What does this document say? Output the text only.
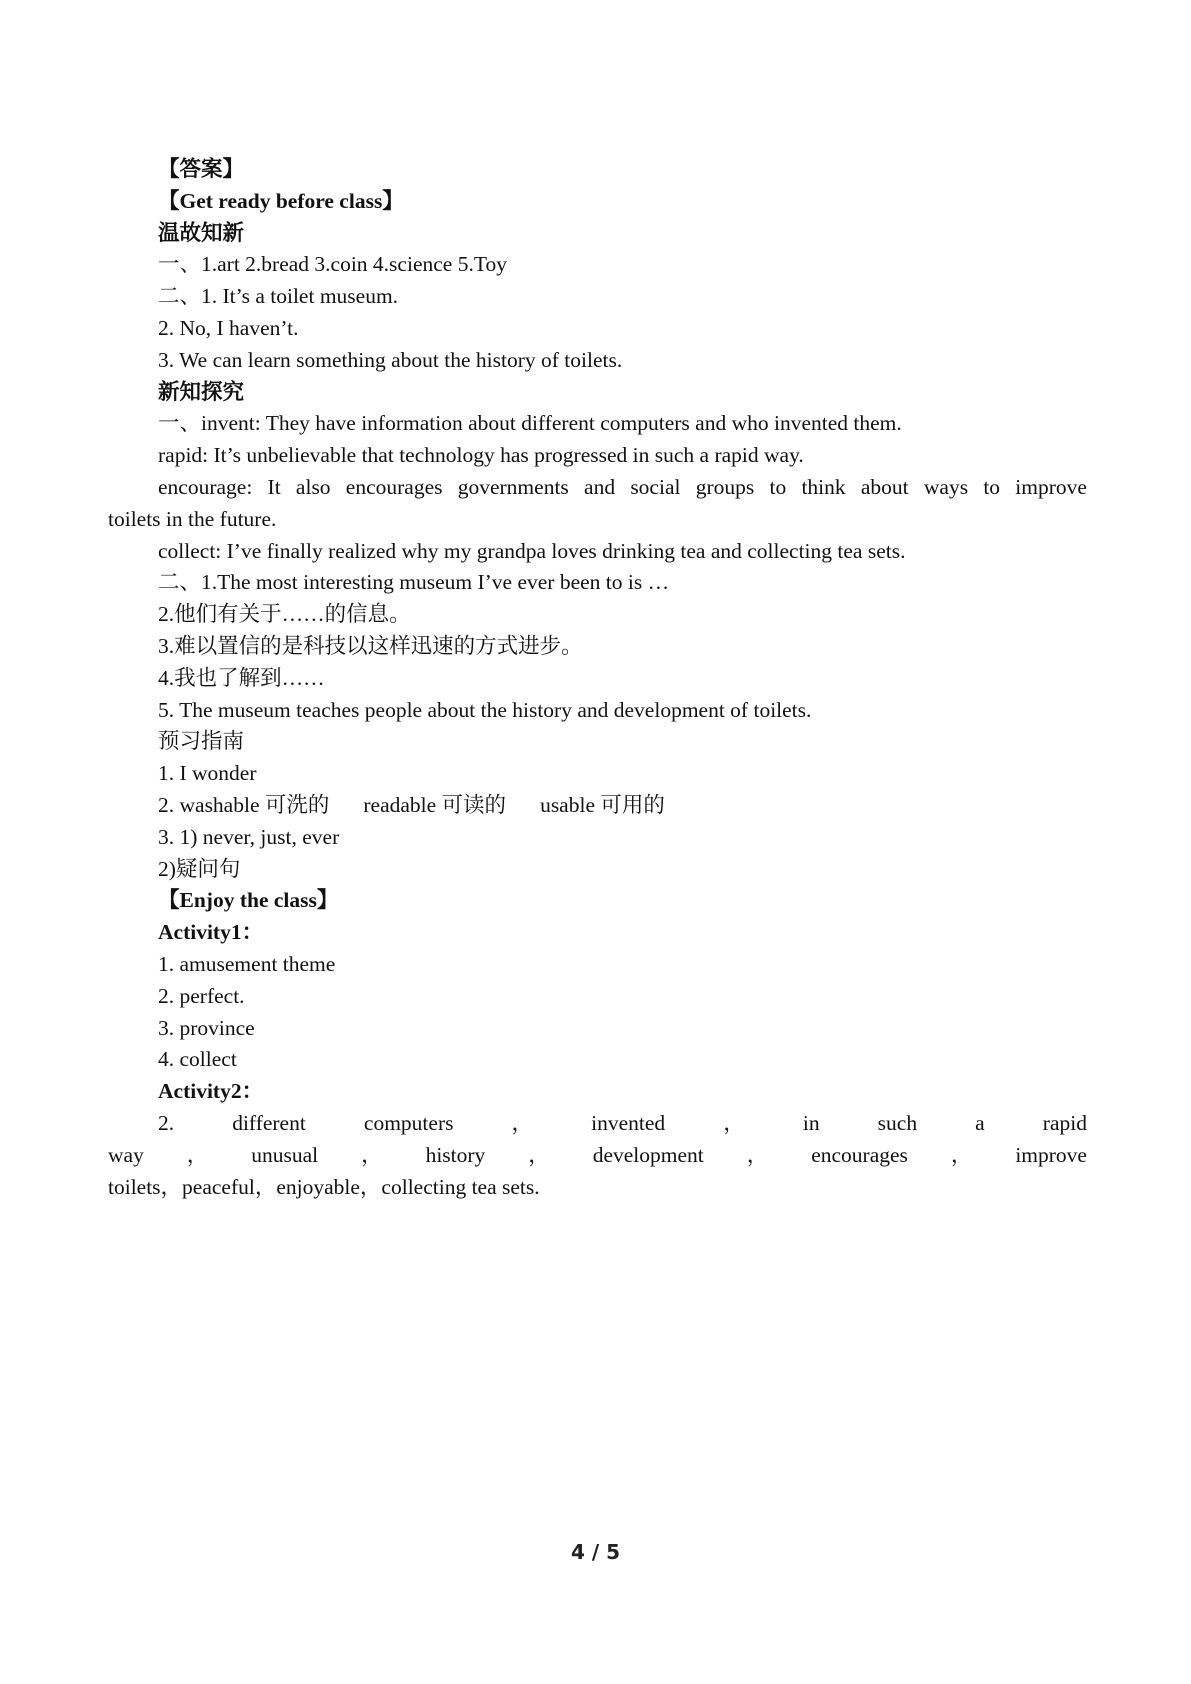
【答案】
【Get ready before class】
温故知新
一、1.art 2.bread 3.coin 4.science 5.Toy
二、1. It’s a toilet museum.
2. No, I haven’t.
3. We can learn something about the history of toilets.
新知探究
一、invent: They have information about different computers and who invented them.
rapid: It’s unbelievable that technology has progressed in such a rapid way.
encourage: It also encourages governments and social groups to think about ways to improve
toilets in the future.
collect: I’ve finally realized why my grandpa loves drinking tea and collecting tea sets.
二、1.The most interesting museum I’ve ever been to is …
2.他们有关于……的信息。
3.难以置信的是科技以这样迅速的方式进步。
4.我也了解到……
5. The museum teaches people about the history and development of toilets.
预习指南
1. I wonder
2. washable 可洗的 readable 可读的 usable 可用的
3. 1) never, just, ever
2)疑问句
【Enjoy the class】
Activity1：
1. amusement theme
2. perfect.
3. province
4. collect
Activity2：
2.	different	computers	，	invented	，	in	such	a	rapid
way ， unusual ， history ， development ， encourages ， improve
toilets，peaceful，enjoyable，collecting tea sets.
4 / 5
